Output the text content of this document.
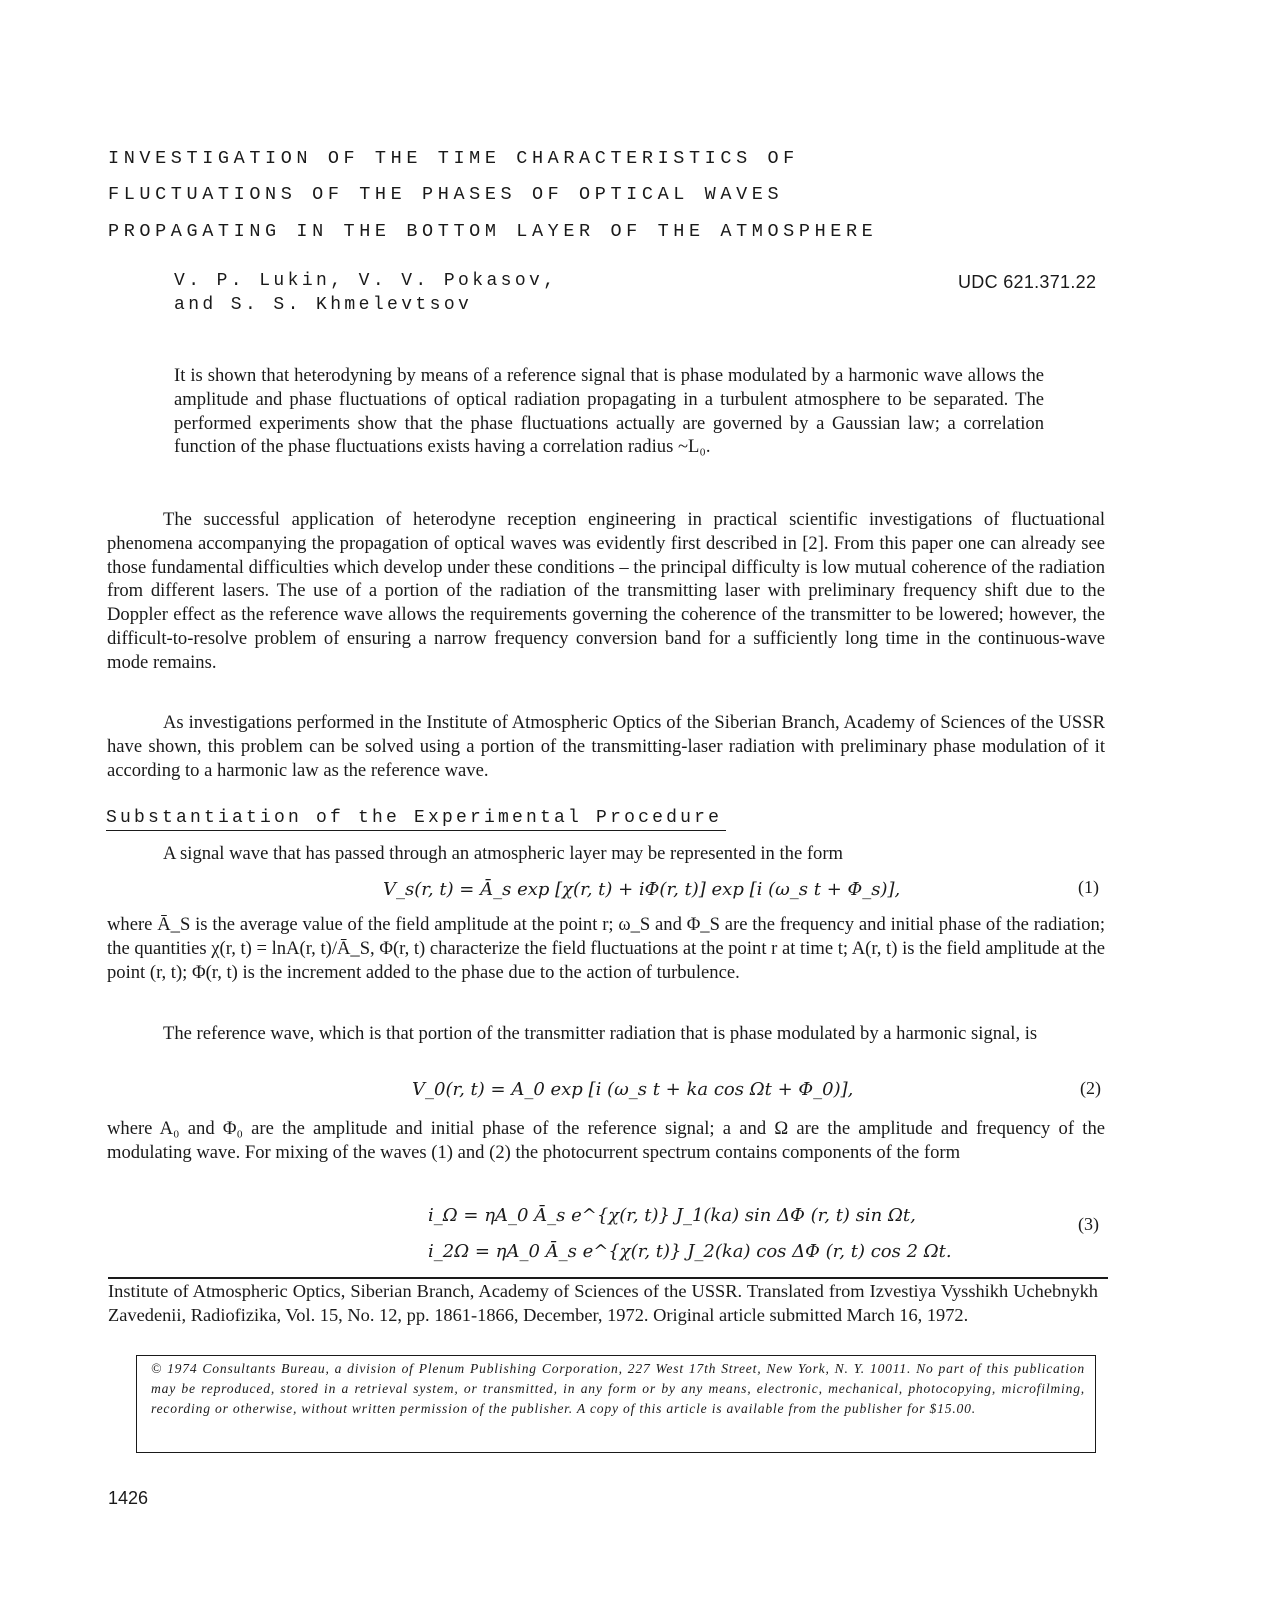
INVESTIGATION OF THE TIME CHARACTERISTICS OF
FLUCTUATIONS OF THE PHASES OF OPTICAL WAVES
PROPAGATING IN THE BOTTOM LAYER OF THE ATMOSPHERE
V. P. Lukin, V. V. Pokasov,
and S. S. Khmelevtsov
UDC 621.371.22
It is shown that heterodyning by means of a reference signal that is phase modulated by a harmonic wave allows the amplitude and phase fluctuations of optical radiation propagating in a turbulent atmosphere to be separated. The performed experiments show that the phase fluctuations actually are governed by a Gaussian law; a correlation function of the phase fluctuations exists having a correlation radius ~L₀.
The successful application of heterodyne reception engineering in practical scientific investigations of fluctuational phenomena accompanying the propagation of optical waves was evidently first described in [2]. From this paper one can already see those fundamental difficulties which develop under these conditions – the principal difficulty is low mutual coherence of the radiation from different lasers. The use of a portion of the radiation of the transmitting laser with preliminary frequency shift due to the Doppler effect as the reference wave allows the requirements governing the coherence of the transmitter to be lowered; however, the difficult-to-resolve problem of ensuring a narrow frequency conversion band for a sufficiently long time in the continuous-wave mode remains.
As investigations performed in the Institute of Atmospheric Optics of the Siberian Branch, Academy of Sciences of the USSR have shown, this problem can be solved using a portion of the transmitting-laser radiation with preliminary phase modulation of it according to a harmonic law as the reference wave.
Substantiation of the Experimental Procedure
A signal wave that has passed through an atmospheric layer may be represented in the form
V_s(r, t) = Ā_s exp [χ(r, t) + iΦ(r, t)] exp [i (ω_s t + Φ_s)],	(1)
where Ā_S is the average value of the field amplitude at the point r; ω_S and Φ_S are the frequency and initial phase of the radiation; the quantities χ(r, t) = lnA(r, t)/Ā_S, Φ(r, t) characterize the field fluctuations at the point r at time t; A(r, t) is the field amplitude at the point (r, t); Φ(r, t) is the increment added to the phase due to the action of turbulence.
The reference wave, which is that portion of the transmitter radiation that is phase modulated by a harmonic signal, is
V_0(r, t) = A_0 exp [i (ω_s t + ka cos Ωt + Φ_0)],	(2)
where A₀ and Φ₀ are the amplitude and initial phase of the reference signal; a and Ω are the amplitude and frequency of the modulating wave. For mixing of the waves (1) and (2) the photocurrent spectrum contains components of the form
i_Ω = ηA_0 Ā_s e^{χ(r, t)} J_1(ka) sin ΔΦ (r, t) sin Ωt,
i_2Ω = ηA_0 Ā_s e^{χ(r, t)} J_2(ka) cos ΔΦ (r, t) cos 2 Ωt.
(3)
Institute of Atmospheric Optics, Siberian Branch, Academy of Sciences of the USSR. Translated from Izvestiya Vysshikh Uchebnykh Zavedenii, Radiofizika, Vol. 15, No. 12, pp. 1861-1866, December, 1972. Original article submitted March 16, 1972.
© 1974 Consultants Bureau, a division of Plenum Publishing Corporation, 227 West 17th Street, New York, N. Y. 10011. No part of this publication may be reproduced, stored in a retrieval system, or transmitted, in any form or by any means, electronic, mechanical, photocopying, microfilming, recording or otherwise, without written permission of the publisher. A copy of this article is available from the publisher for $15.00.
1426
